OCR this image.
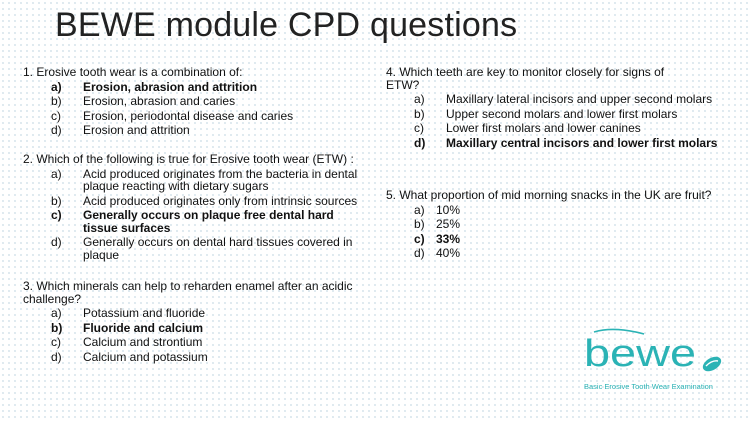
BEWE module CPD questions

1. Erosive tooth wear is a combination of:

a)	Erosion, abrasion and attrition
b)	Erosion, abrasion and caries
c)	Erosion, periodontal disease and caries
d)	Erosion and attrition

2. Which of the following is true for Erosive tooth wear (ETW) :

a)	Acid produced originates from the bacteria in dental plaque reacting with dietary sugars
b)	Acid produced originates only from intrinsic sources
c)	Generally occurs on plaque free dental hard tissue surfaces
d)	Generally occurs on dental hard tissues covered in plaque

3. Which minerals can help to reharden enamel after an acidic challenge?

a)	Potassium and fluoride
b)	Fluoride and calcium
c)	Calcium and strontium
d)	Calcium and potassium

4. Which teeth are key to monitor closely for signs of ETW?

a)	Maxillary lateral incisors and upper second molars
b)	Upper second molars and lower first molars
c)	Lower first molars and lower canines
d)	Maxillary central incisors and lower first molars

5. What proportion of mid morning snacks in the UK are fruit?

a) 10%
b) 25%
c) 33%
d) 40%
bewe
Basic Erosive Tooth Wear Examination
